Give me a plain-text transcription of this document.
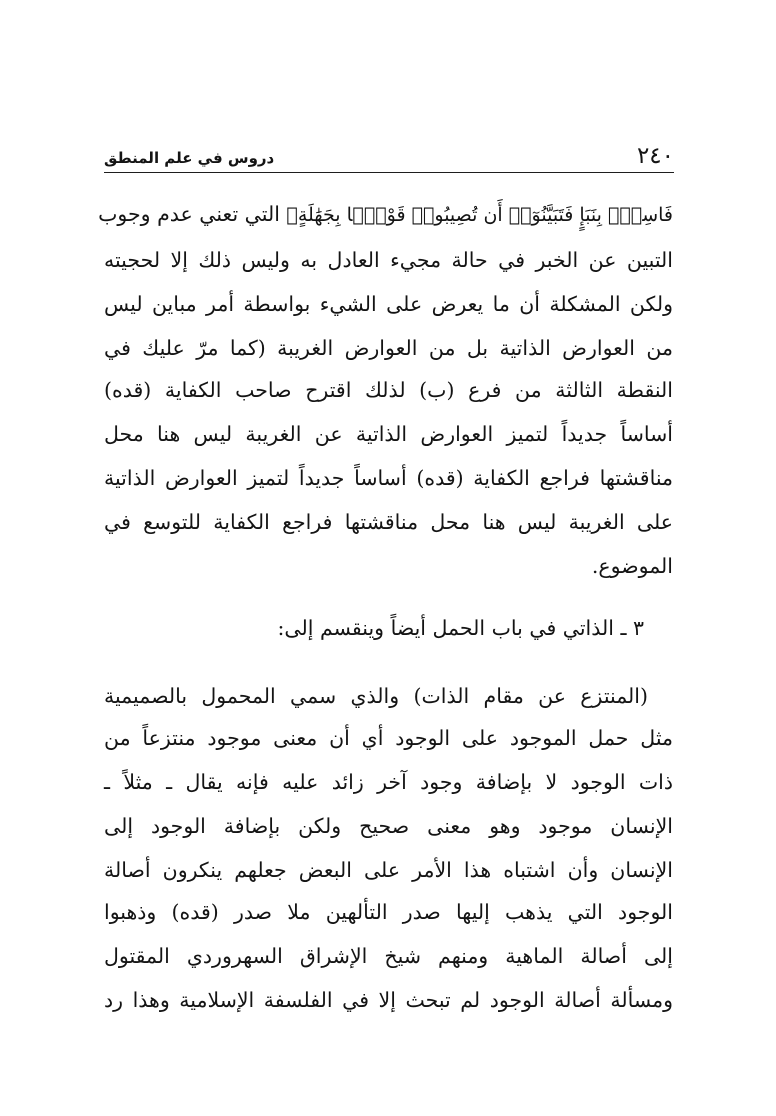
٢٤٠
دروس في علم المنطق
فَاسِقُۢ بِنَبَإٍ فَتَبَيَّنُوٓا۟ أَن تُصِيبُوا۟ قَوْمًۢا بِجَهَٰلَةٍ﴾ التي تعني عدم وجوب
التبين عن الخبر في حالة مجيء العادل به وليس ذلك إلا لحجيته
ولكن المشكلة أن ما يعرض على الشيء بواسطة أمر مباين ليس
من العوارض الذاتية بل من العوارض الغريبة (كما مرّ عليك في
النقطة الثالثة من فرع (ب) لذلك اقترح صاحب الكفاية (قده)
أساساً جديداً لتميز العوارض الذاتية عن الغريبة ليس هنا محل
مناقشتها فراجع الكفاية (قده) أساساً جديداً لتميز العوارض الذاتية
على الغريبة ليس هنا محل مناقشتها فراجع الكفاية للتوسع في
الموضوع.
٣ ـ الذاتي في باب الحمل أيضاً وينقسم إلى:
(المنتزع عن مقام الذات) والذي سمي المحمول بالصميمية
مثل حمل الموجود على الوجود أي أن معنى موجود منتزعاً من
ذات الوجود لا بإضافة وجود آخر زائد عليه فإنه يقال ـ مثلاً ـ
الإنسان موجود وهو معنى صحيح ولكن بإضافة الوجود إلى
الإنسان وأن اشتباه هذا الأمر على البعض جعلهم ينكرون أصالة
الوجود التي يذهب إليها صدر التألهين ملا صدر (قده) وذهبوا
إلى أصالة الماهية ومنهم شيخ الإشراق السهروردي المقتول
ومسألة أصالة الوجود لم تبحث إلا في الفلسفة الإسلامية وهذا رد
